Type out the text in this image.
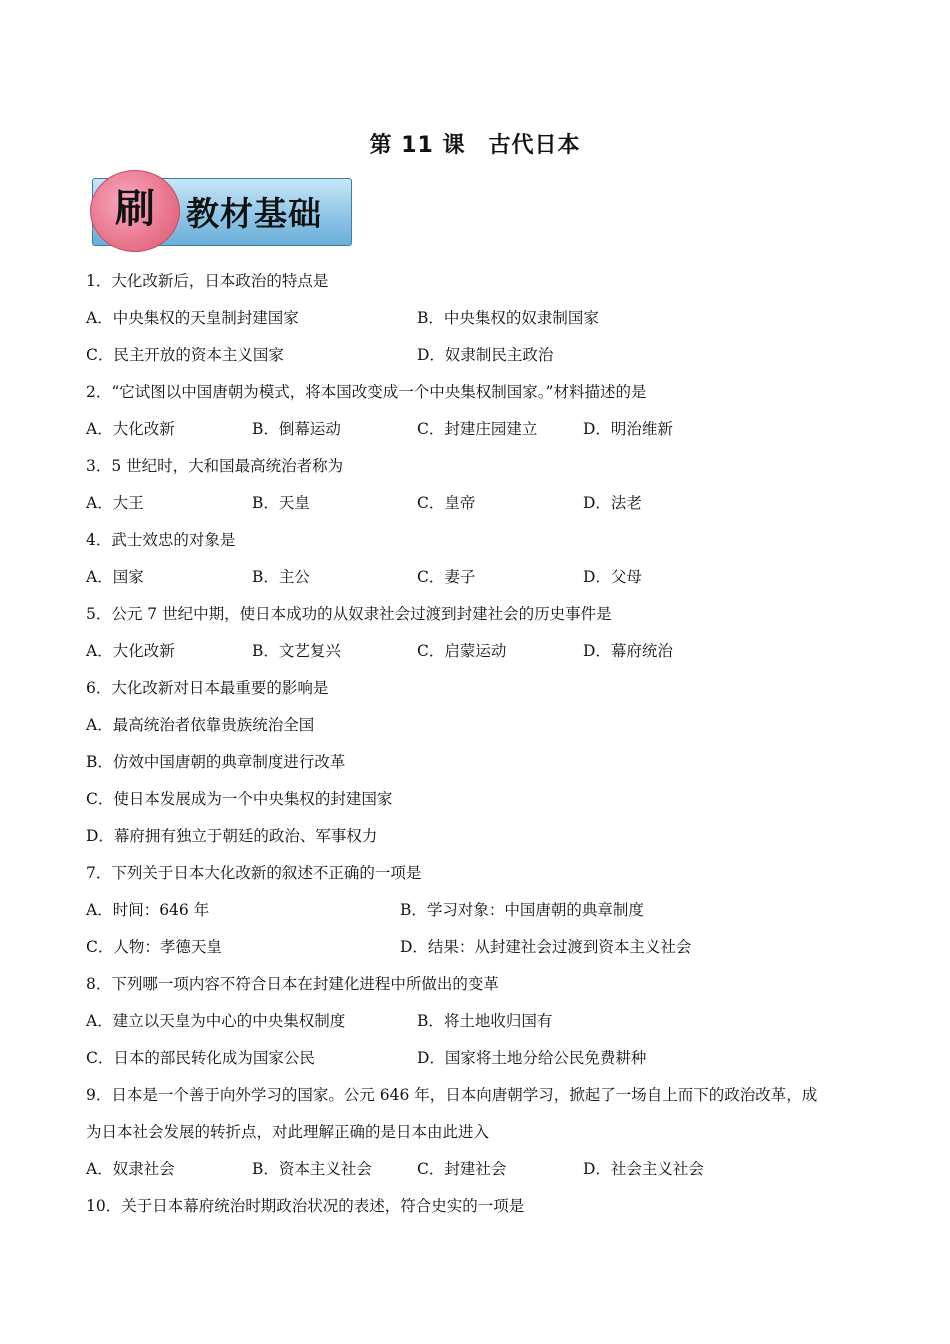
第 11 课　古代日本
刷 教材基础
1．大化改新后，日本政治的特点是
A．中央集权的天皇制封建国家	B．中央集权的奴隶制国家
C．民主开放的资本主义国家	D．奴隶制民主政治
2．“它试图以中国唐朝为模式，将本国改变成一个中央集权制国家。”材料描述的是
A．大化改新	B．倒幕运动	C．封建庄园建立	D．明治维新
3．5 世纪时，大和国最高统治者称为
A．大王	B．天皇	C．皇帝	D．法老
4．武士效忠的对象是
A．国家	B．主公	C．妻子	D．父母
5．公元 7 世纪中期，使日本成功的从奴隶社会过渡到封建社会的历史事件是
A．大化改新	B．文艺复兴	C．启蒙运动	D．幕府统治
6．大化改新对日本最重要的影响是
A．最高统治者依靠贵族统治全国
B．仿效中国唐朝的典章制度进行改革
C．使日本发展成为一个中央集权的封建国家
D．幕府拥有独立于朝廷的政治、军事权力
7．下列关于日本大化改新的叙述不正确的一项是
A．时间：646 年	B．学习对象：中国唐朝的典章制度
C．人物：孝德天皇	D．结果：从封建社会过渡到资本主义社会
8．下列哪一项内容不符合日本在封建化进程中所做出的变革
A．建立以天皇为中心的中央集权制度	B．将土地收归国有
C．日本的部民转化成为国家公民	D．国家将土地分给公民免费耕种
9．日本是一个善于向外学习的国家。公元 646 年，日本向唐朝学习，掀起了一场自上而下的政治改革，成
为日本社会发展的转折点，对此理解正确的是日本由此进入
A．奴隶社会	B．资本主义社会	C．封建社会	D．社会主义社会
10．关于日本幕府统治时期政治状况的表述，符合史实的一项是
